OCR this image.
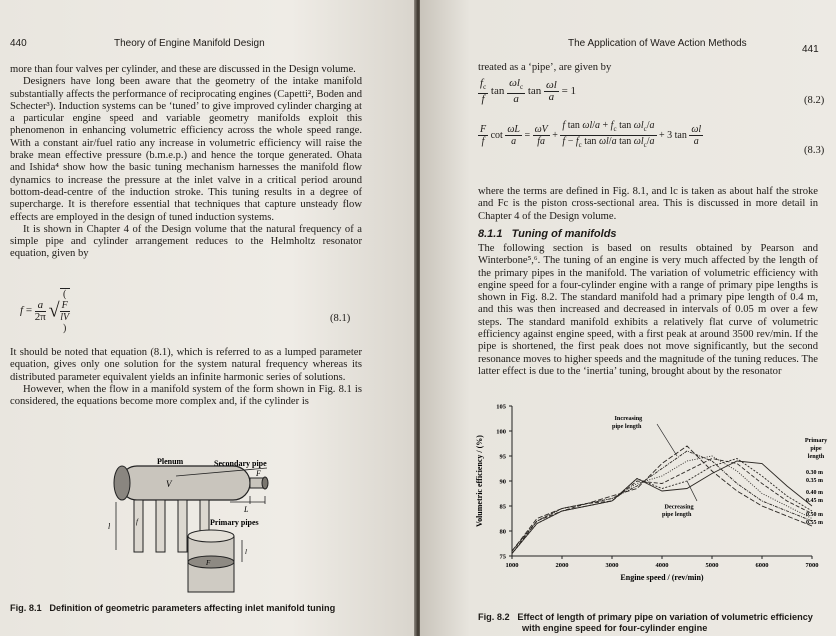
440	Theory of Engine Manifold Design

more than four valves per cylinder, and these are discussed in the Design volume.

Designers have long been aware that the geometry of the intake manifold substantially affects the performance of reciprocating engines (Capetti², Boden and Schecter³). Induction systems can be ‘tuned’ to give improved cylinder charging at a particular engine speed and variable geometry manifolds exploit this phenomenon in enhancing volumetric efficiency across the whole speed range. With a constant air/fuel ratio any increase in volumetric efficiency will raise the brake mean effective pressure (b.m.e.p.) and hence the torque generated. Ohata and Ishida⁴ show how the basic tuning mechanism harnesses the manifold flow dynamics to increase the pressure at the inlet valve in a critical period around bottom-dead-centre of the induction stroke. This tuning results in a degree of supercharge. It is therefore essential that techniques that capture unsteady flow effects are employed in the design of tuned induction systems.

It is shown in Chapter 4 of the Design volume that the natural frequency of a simple pipe and cylinder arrangement reduces to the Helmholtz resonator equation, given by

$f = \frac{a}{2\pi}$ √(
F
lV
)
(8.1)

It should be noted that equation (8.1), which is referred to as a lumped parameter equation, gives only one solution for the system natural frequency whereas its distributed parameter equivalent yields an infinite harmonic series of solutions.

However, when the flow in a manifold system of the form shown in Fig. 8.1 is considered, the equations become more complex and, if the cylinder is

Plenum
V
Secondary pipe
F
L
Primary pipes
l	f
F
l
Fig. 8.1 Definition of geometric parameters affecting inlet manifold tuning
The Application of Wave Action Methods
441
treated as a ‘pipe’, are given by
$\frac{f_c}{f}$ $\tan \frac{\omega l_c}{a}$ $\tan \frac{\omega l}{a} = 1$
(8.2)
$\frac{F}{f}$ $\cot \frac{\omega L}{a} = \frac{\omega V}{fa} + \frac{f \tan \omega l/a + f_c \tan \omega l_c/a}{f - f_c \tan \omega l/a \tan \omega l_c/a} + 3$ $\tan \frac{\omega l}{a}$
(8.3)
where the terms are defined in Fig. 8.1, and lc is taken as about half the stroke and Fc is the piston cross-sectional area. This is discussed in more detail in Chapter 4 of the Design volume.
8.1.1 Tuning of manifolds
The following section is based on results obtained by Pearson and Winterbone⁵,⁶. The tuning of an engine is very much affected by the length of the primary pipes in the manifold. The variation of volumetric efficiency with engine speed for a four-cylinder engine with a range of primary pipe lengths is shown in Fig. 8.2. The standard manifold had a primary pipe length of 0.4 m, and this was then increased and decreased in intervals of 0.05 m over a few steps. The standard manifold exhibits a relatively flat curve of volumetric efficiency against engine speed, with a first peak at around 3500 rev/min. If the pipe is shortened, the first peak does not move significantly, but the second resonance moves to higher speeds and the magnitude of the tuning reduces. The latter effect is due to the ‘inertia’ tuning, brought about by the resonator
75
80
85
90
95
100
105
1000	2000	3000	4000	5000	6000	7000
Engine speed / (rev/min)
Volumetric efficiency / (%)	Primary
pipe
length
0.30 m
0.35 m
0.40 m
0.45 m
0.50 m
0.55 m
Increasing
pipe length
Decreasing
pipe length
Fig. 8.2 Effect of length of primary pipe on variation of volumetric efficiency
with engine speed for four-cylinder engine
